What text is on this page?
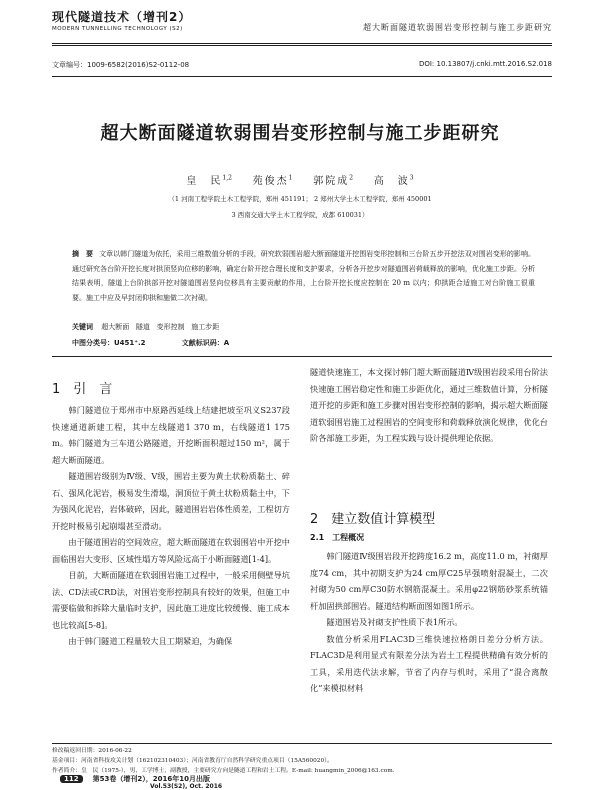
现代隧道技术（增刊2）
MODERN TUNNELLING TECHNOLOGY (S2)	超大断面隧道软弱围岩变形控制与施工步距研究
文章编号：1009-6582(2016)S2-0112-08	DOI: 10.13807/j.cnki.mtt.2016.S2.018
超大断面隧道软弱围岩变形控制与施工步距研究
皇　民$^{1,2}$ 苑俊杰$^1$ 郭院成$^2$ 高　波$^3$
（1 河南工程学院土木工程学院，郑州 451191； 2 郑州大学土木工程学院，郑州 450001
3 西南交通大学土木工程学院，成都 610031）
摘　要 文章以韩门隧道为依托，采用三维数值分析的手段，研究软弱围岩超大断面隧道开挖围岩变形控制和三台阶五步开挖法双对围岩变形的影响。通过研究各台阶开挖长度对拱顶竖向位移的影响，确定台阶开挖合理长度和支护要求，分析各开挖步对隧道围岩荷载释放的影响，优化施工步距。分析结果表明，隧道上台阶拱部开挖对隧道围岩竖向位移具有主要贡献的作用，上台阶开挖长度应控制在 20 m 以内；仰拱距合适施工对台阶施工很重要。施工中应及早封闭仰拱和施做二次衬砌。
关键词 超大断面 隧道 变形控制 施工步距
中图分类号：U451⁺.2	文献标识码：A
1　引　言

韩门隧道位于郑州市中原路西延线上结建把坡至巩义S237段快速通道新建工程，其中左线隧道1 370 m，右线隧道1 175 m。韩门隧道为三车道公路隧道，开挖断面积超过150 m²，属于超大断面隧道。

隧道围岩级别为Ⅳ级、Ⅴ级，围岩主要为黄土状粉质黏土、碎石、强风化泥岩，极易发生滑塌，洞顶位于黄土状粉质黏土中，下为强风化泥岩，岩体破碎，因此，隧道围岩岩体性质差，工程切方开挖时极易引起崩塌甚至滑动。

由于隧道围岩的空间效应，超大断面隧道在软弱围岩中开挖中面临围岩大变形、区域性塌方等风险远高于小断面隧道[1-4]。

目前，大断面隧道在软弱围岩施工过程中，一般采用侧壁导坑法、CD法或CRD法，对围岩变形控制具有较好的效果，但施工中需要临做和拆除大量临时支护，因此施工进度比较缓慢、施工成本也比较高[5-8]。

由于韩门隧道工程量较大且工期紧迫，为确保

隧道快速施工，本文探讨韩门超大断面隧道Ⅳ级围岩段采用台阶法快速施工围岩稳定性和施工步距优化，通过三维数值计算，分析隧道开挖的步距和施工步骤对围岩变形控制的影响，揭示超大断面隧道软弱围岩施工过程围岩的空间变形和荷载释放演化规律，优化台阶各部施工步距，为工程实践与设计提供理论依据。

2　建立数值计算模型
2.1　工程概况

韩门隧道Ⅳ级围岩段开挖跨度16.2 m，高度11.0 m，衬砌厚度74 cm，其中初期支护为24 cm厚C25早强喷射混凝土，二次衬砌为50 cm厚C30防水钢筋混凝土。采用φ22钢筋砂浆系统锚杆加固拱部围岩。隧道结构断面图如图1所示。

隧道围岩及衬砌支护性质下表1所示。

数值分析采用FLAC3D三维快速拉格朗日差分分析方法。FLAC3D是利用显式有限差分法为岩土工程提供精确有效分析的工具，采用迭代法求解，节省了内存与机时，采用了“混合离散化”来模拟材料

修改稿返回日期：2016-06-22
基金项目：河南省科技攻关计划（162102310403）；河南省教育厅自然科学研究重点项目（15A560020）。
作者简介：皇　民（1975-），男，工学博士，副教授，主要研究方向是隧道工程和岩土工程。E-mail: huangmin_2006@163.com.
112	第53卷（增刊2），2016年10月出版
Vol.53(S2), Oct. 2016
